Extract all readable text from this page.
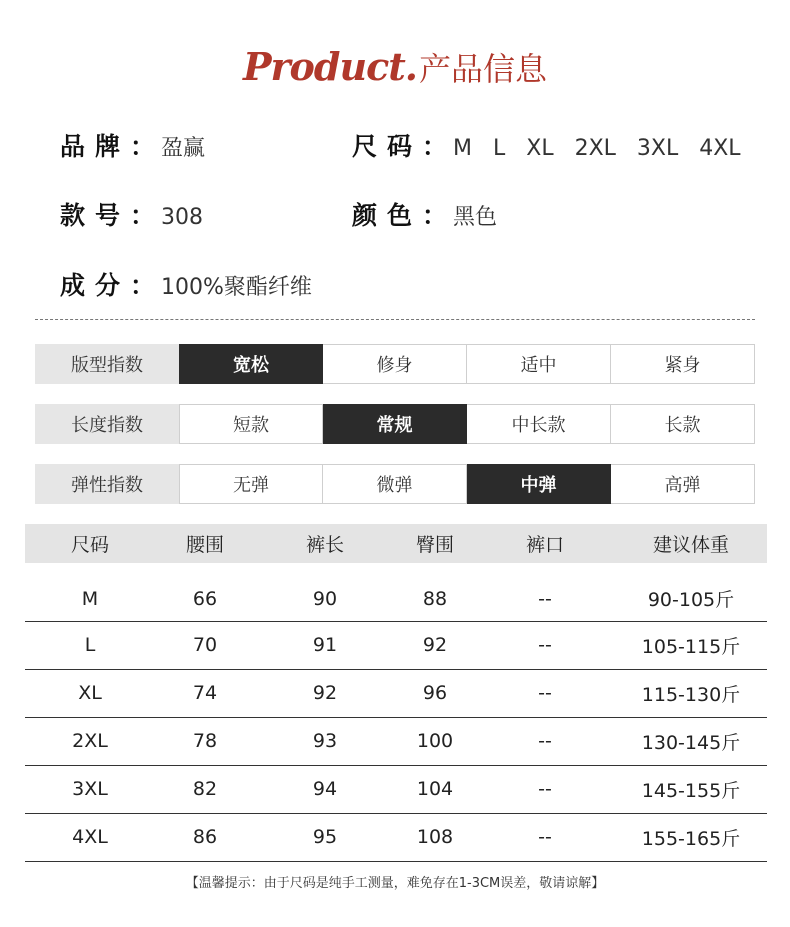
Product.产品信息
品牌： 盈赢	尺码： M L XL 2XL 3XL 4XL
款号： 308	颜色： 黑色
成分： 100%聚酯纤维
版型指数	宽松	修身	适中	紧身
长度指数	短款	常规	中长款	长款
弹性指数	无弹	微弹	中弹	高弹
尺码	腰围	裤长	臀围	裤口	建议体重
M	66	90	88	--	90-105斤
L	70	91	92	--	105-115斤
XL	74	92	96	--	115-130斤
2XL	78	93	100	--	130-145斤
3XL	82	94	104	--	145-155斤
4XL	86	95	108	--	155-165斤
【温馨提示：由于尺码是纯手工测量，难免存在1-3CM误差，敬请谅解】
